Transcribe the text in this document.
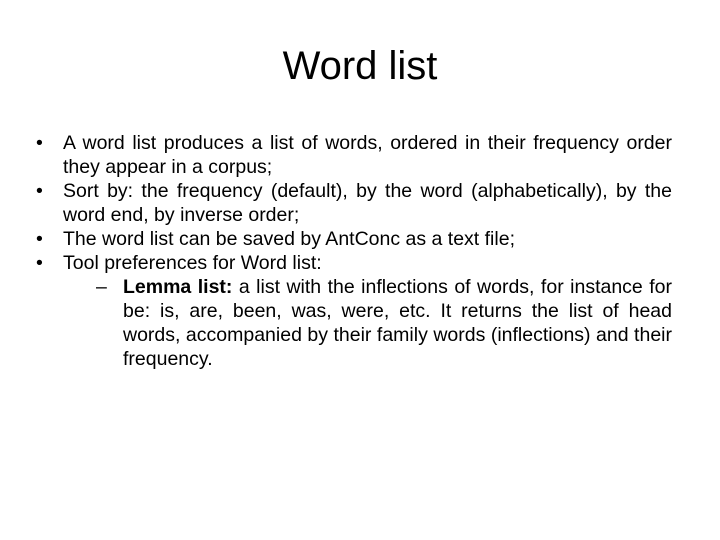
Word list
•	A word list produces a list of words, ordered in their frequency order they appear in a corpus;
•	Sort by: the frequency (default), by the word (alphabetically), by the word end, by inverse order;
•	The word list can be saved by AntConc as a text file;
•	Tool preferences for Word list:
– Lemma list: a list with the inflections of words, for instance for be: is, are, been, was, were, etc. It returns the list of head words, accompanied by their family words (inflections) and their frequency.
